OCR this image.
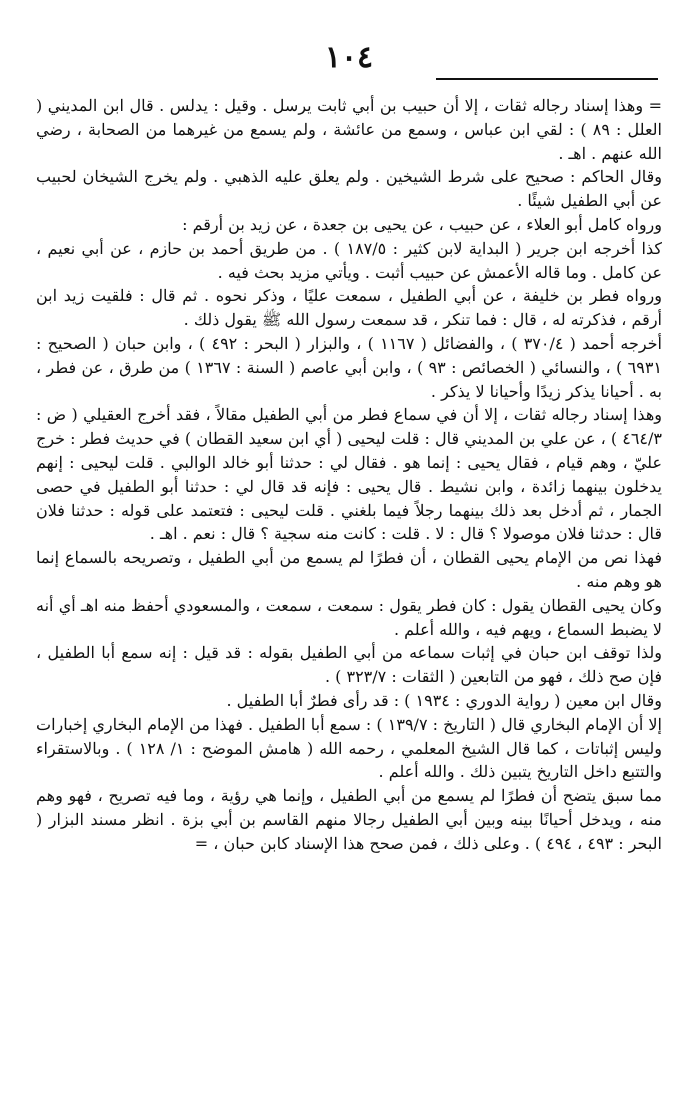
١٠٤

= وهذا إسناد رجاله ثقات ، إلا أن حبيب بن أبي ثابت يرسل . وقيل : يدلس . قال ابن المديني ( العلل : ٨٩ ) : لقي ابن عباس ، وسمع من عائشة ، ولم يسمع من غيرهما من الصحابة ، رضي الله عنهم . اهـ .

وقال الحاكم : صحيح على شرط الشيخين . ولم يعلق عليه الذهبي . ولم يخرج الشيخان لحبيب عن أبي الطفيل شيئًا .

ورواه كامل أبو العلاء ، عن حبيب ، عن يحيى بن جعدة ، عن زيد بن أرقم :

كذا أخرجه ابن جرير ( البداية لابن كثير : ١٨٧/٥ ) . من طريق أحمد بن حازم ، عن أبي نعيم ، عن كامل . وما قاله الأعمش عن حبيب أثبت . ويأتي مزيد بحث فيه .

ورواه فطر بن خليفة ، عن أبي الطفيل ، سمعت عليًا ، وذكر نحوه . ثم قال : فلقيت زيد ابن أرقم ، فذكرته له ، قال : فما تنكر ، قد سمعت رسول الله ﷺ يقول ذلك .

أخرجه أحمد ( ٣٧٠/٤ ) ، والفضائل ( ١١٦٧ ) ، والبزار ( البحر : ٤٩٢ ) ، وابن حبان ( الصحيح : ٦٩٣١ ) ، والنسائي ( الخصائص : ٩٣ ) ، وابن أبي عاصم ( السنة : ١٣٦٧ ) من طرق ، عن فطر ، به . أحيانا يذكر زيدًا وأحيانا لا يذكر .

وهذا إسناد رجاله ثقات ، إلا أن في سماع فطر من أبي الطفيل مقالاً ، فقد أخرج العقيلي ( ض : ٤٦٤/٣ ) ، عن علي بن المديني قال : قلت ليحيى ( أي ابن سعيد القطان ) في حديث فطر : خرج عليّ ، وهم قيام ، فقال يحيى : إنما هو . فقال لي : حدثنا أبو خالد الوالبي . قلت ليحيى : إنهم يدخلون بينهما زائدة ، وابن نشيط . قال يحيى : فإنه قد قال لي : حدثنا أبو الطفيل في حصى الجمار ، ثم أدخل بعد ذلك بينهما رجلاً فيما بلغني . قلت ليحيى : فتعتمد على قوله : حدثنا فلان قال : حدثنا فلان موصولا ؟ قال : لا . قلت : كانت منه سجية ؟ قال : نعم . اهـ .

فهذا نص من الإمام يحيى القطان ، أن فطرًا لم يسمع من أبي الطفيل ، وتصريحه بالسماع إنما هو وهم منه .

وكان يحيى القطان يقول : كان فطر يقول : سمعت ، سمعت ، والمسعودي أحفظ منه اهـ أي أنه لا يضبط السماع ، ويهم فيه ، والله أعلم .

ولذا توقف ابن حبان في إثبات سماعه من أبي الطفيل بقوله : قد قيل : إنه سمع أبا الطفيل ، فإن صح ذلك ، فهو من التابعين ( الثقات : ٣٢٣/٧ ) .

وقال ابن معين ( رواية الدوري : ١٩٣٤ ) : قد رأى فطرٌ أبا الطفيل .

إلا أن الإمام البخاري قال ( التاريخ : ١٣٩/٧ ) : سمع أبا الطفيل . فهذا من الإمام البخاري إخبارات وليس إثباتات ، كما قال الشيخ المعلمي ، رحمه الله ( هامش الموضح : ١/ ١٢٨ ) . وبالاستقراء والتتبع داخل التاريخ يتبين ذلك . والله أعلم .

مما سبق يتضح أن فطرًا لم يسمع من أبي الطفيل ، وإنما هي رؤية ، وما فيه تصريح ، فهو وهم منه ، ويدخل أحيانًا بينه وبين أبي الطفيل رجالا منهم القاسم بن أبي بزة . انظر مسند البزار ( البحر : ٤٩٣ ، ٤٩٤ ) . وعلى ذلك ، فمن صحح هذا الإسناد كابن حبان ، =
